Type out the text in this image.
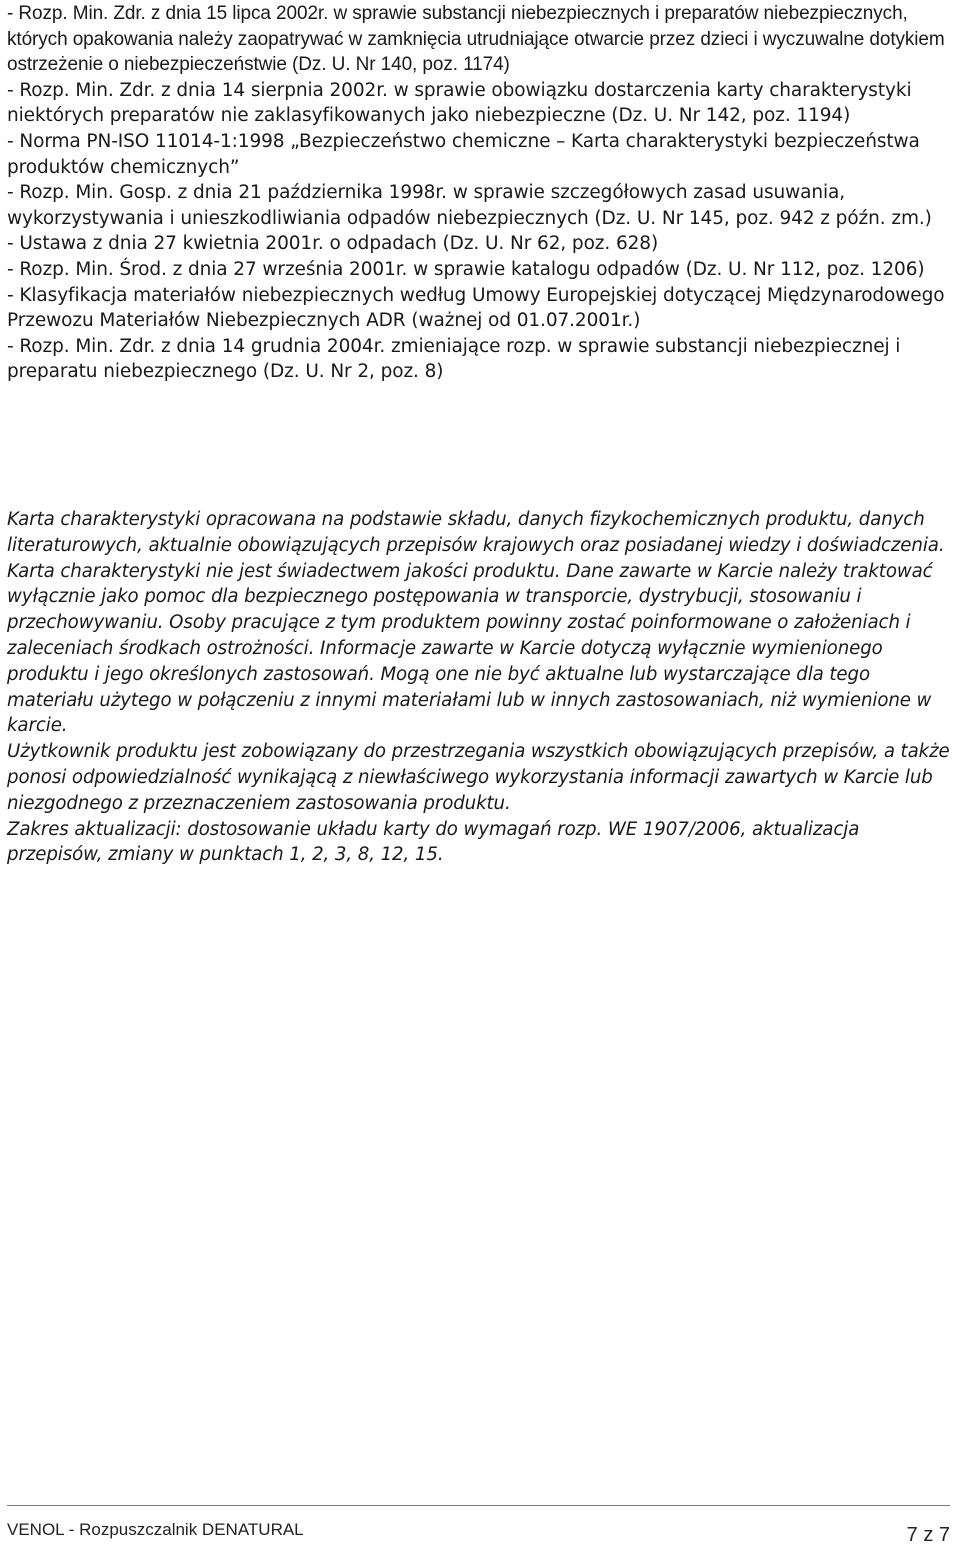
- Rozp. Min. Zdr. z dnia 15 lipca 2002r. w sprawie substancji niebezpiecznych i preparatów niebezpiecznych, których opakowania należy zaopatrywać w zamknięcia utrudniające otwarcie przez dzieci i wyczuwalne dotykiem ostrzeżenie o niebezpieczeństwie (Dz. U. Nr 140, poz. 1174)

- Rozp. Min. Zdr. z dnia 14 sierpnia 2002r. w sprawie obowiązku dostarczenia karty charakterystyki niektórych preparatów nie zaklasyfikowanych jako niebezpieczne (Dz. U. Nr 142, poz. 1194)

- Norma PN-ISO 11014-1:1998 „Bezpieczeństwo chemiczne – Karta charakterystyki bezpieczeństwa produktów chemicznych”

- Rozp. Min. Gosp. z dnia 21 października 1998r. w sprawie szczegółowych zasad usuwania, wykorzystywania i unieszkodliwiania odpadów niebezpiecznych (Dz. U. Nr 145, poz. 942 z późn. zm.)

- Ustawa z dnia 27 kwietnia 2001r. o odpadach (Dz. U. Nr 62, poz. 628)

- Rozp. Min. Środ. z dnia 27 września 2001r. w sprawie katalogu odpadów (Dz. U. Nr 112, poz. 1206)

- Klasyfikacja materiałów niebezpiecznych według Umowy Europejskiej dotyczącej Międzynarodowego Przewozu Materiałów Niebezpiecznych ADR (ważnej od 01.07.2001r.)

- Rozp. Min. Zdr. z dnia 14 grudnia 2004r. zmieniające rozp. w sprawie substancji niebezpiecznej i preparatu niebezpiecznego (Dz. U. Nr 2, poz. 8)

Karta charakterystyki opracowana na podstawie składu, danych fizykochemicznych produktu, danych literaturowych, aktualnie obowiązujących przepisów krajowych oraz posiadanej wiedzy i doświadczenia. Karta charakterystyki nie jest świadectwem jakości produktu. Dane zawarte w Karcie należy traktować wyłącznie jako pomoc dla bezpiecznego postępowania w transporcie, dystrybucji, stosowaniu i przechowywaniu. Osoby pracujące z tym produktem powinny zostać poinformowane o założeniach i zaleceniach środkach ostrożności. Informacje zawarte w Karcie dotyczą wyłącznie wymienionego produktu i jego określonych zastosowań. Mogą one nie być aktualne lub wystarczające dla tego materiału użytego w połączeniu z innymi materiałami lub w innych zastosowaniach, niż wymienione w karcie.

Użytkownik produktu jest zobowiązany do przestrzegania wszystkich obowiązujących przepisów, a także ponosi odpowiedzialność wynikającą z niewłaściwego wykorzystania informacji zawartych w Karcie lub niezgodnego z przeznaczeniem zastosowania produktu.

Zakres aktualizacji: dostosowanie układu karty do wymagań rozp. WE 1907/2006, aktualizacja przepisów, zmiany w punktach 1, 2, 3, 8, 12, 15.

VENOL - Rozpuszczalnik DENATURAL	7 z 7
